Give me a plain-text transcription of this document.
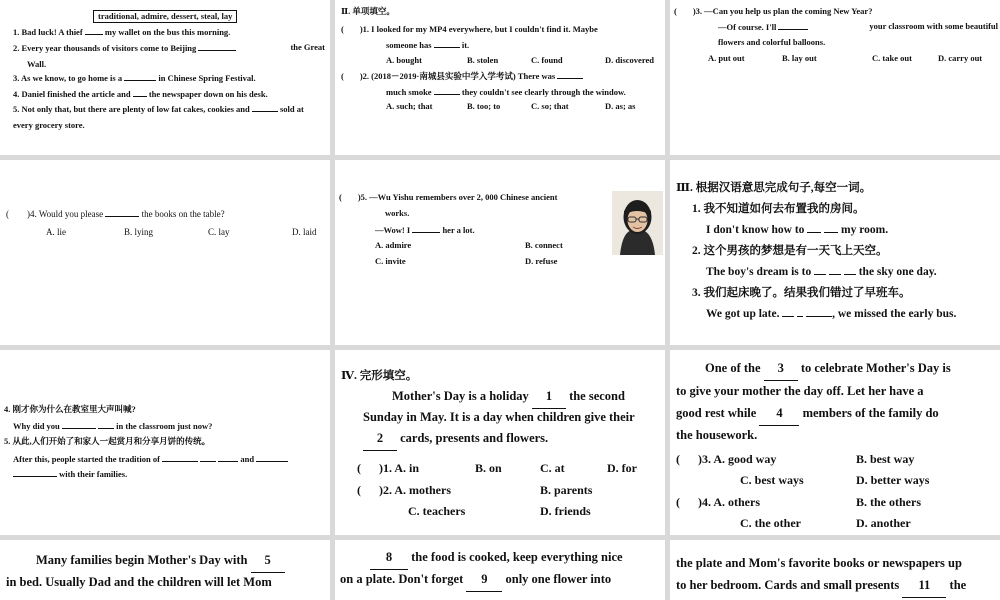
traditional, admire, dessert, steal, lay
1. Bad luck! A thief	my wallet on the bus this morning.
2. Every year thousands of visitors come to Beijing	the Great
Wall.
3. As we know, to go home is a	in Chinese Spring Festival.
4. Daniel finished the article and the newspaper down on his desk.
5. Not only that, but there are plenty of low fat cakes, cookies and	sold at
every grocery store.
Ⅱ. 单项填空。
( )1. I looked for my MP4 everywhere, but I couldn't find it. Maybe
someone has	it.
A. bought	B. stolen	C. found	D. discovered
( )2. (2018－2019·南城县实验中学入学考试) There was
much smoke	they couldn't see clearly through the window.
A. such; that	B. too; to	C. so; that	D. as; as
( )3. —Can you help us plan the coming New Year?
—Of course. I'll	your classroom with some beautiful
flowers and colorful balloons.
A. put out	B. lay out	C. take out	D. carry out
( )4. Would you please	the books on the table?
A. lie	B. lying	C. lay	D. laid
( )5. —Wu Yishu remembers over 2, 000 Chinese ancient
works.
—Wow! I	her a lot.
A. admire	B. connect
C. invite	D. refuse
Ⅲ. 根据汉语意思完成句子,每空一词。
1. 我不知道如何去布置我的房间。
I don't know how to	my room.
2. 这个男孩的梦想是有一天飞上天空。
The boy's dream is to	the sky one day.
3. 我们起床晚了。结果我们错过了早班车。
We got up late.	, we missed the early bus.
4. 刚才你为什么在教室里大声叫喊?
Why did you	in the classroom just now?
5. 从此,人们开始了和家人一起赏月和分享月饼的传统。
After this, people started the tradition of	and
with their families.
Ⅳ. 完形填空。
Mother's Day is a holiday 1 the second
Sunday in May. It is a day when children give their
2 cards, presents and flowers.
( )1. A. in	B. on	C. at	D. for
( )2. A. mothers	B. parents
C. teachers	D. friends
One of the 3 to celebrate Mother's Day is
to give your mother the day off. Let her have a
good rest while 4 members of the family do
the housework.
( )3. A. good way	B. best way
C. best ways	D. better ways
( )4. A. others	B. the others
C. the other	D. another
Many families begin Mother's Day with 5
in bed. Usually Dad and the children will let Mom
8 the food is cooked, keep everything nice
on a plate. Don't forget 9 only one flower into
the plate and Mom's favorite books or newspapers up
to her bedroom. Cards and small presents 11 the
